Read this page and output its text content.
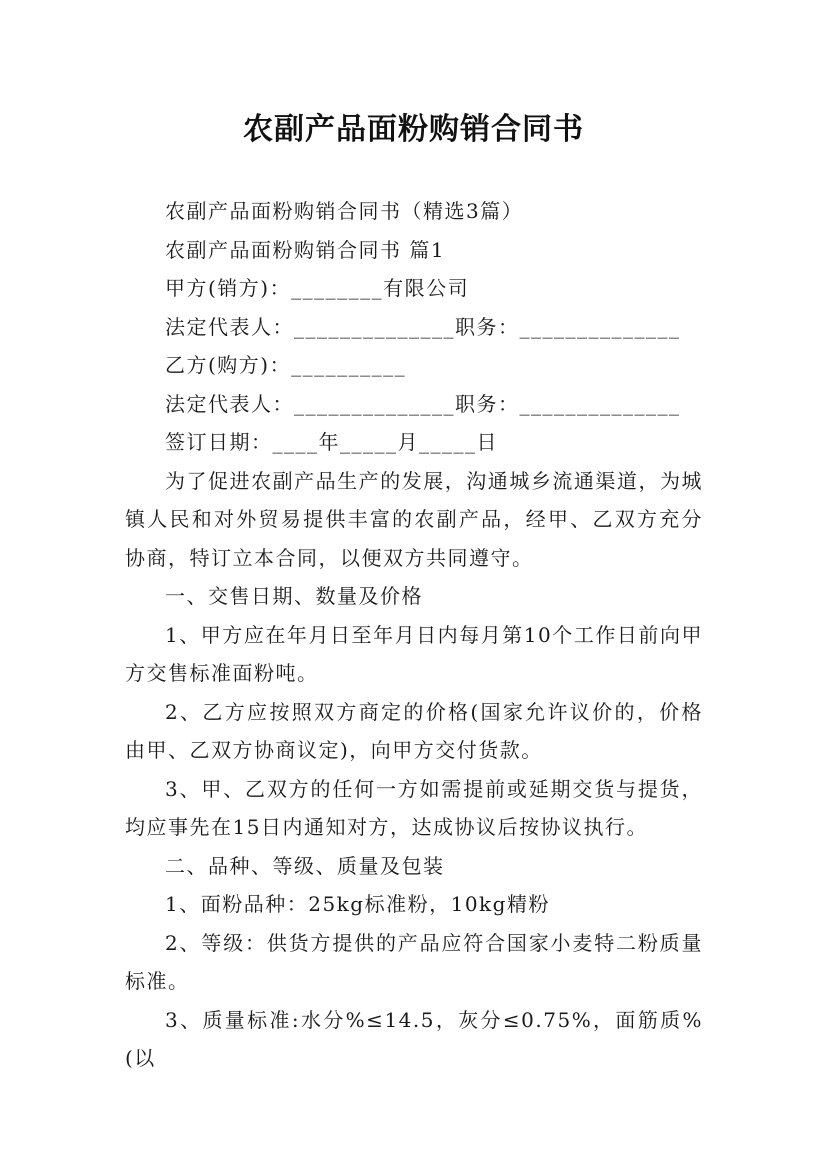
农副产品面粉购销合同书

农副产品面粉购销合同书（精选3篇）

农副产品面粉购销合同书 篇1

甲方(销方)：________有限公司

法定代表人：______________职务：______________

乙方(购方)：__________

法定代表人：______________职务：______________

签订日期：____年_____月_____日

为了促进农副产品生产的发展，沟通城乡流通渠道，为城镇人民和对外贸易提供丰富的农副产品，经甲、乙双方充分协商，特订立本合同，以便双方共同遵守。

一、交售日期、数量及价格

1、甲方应在年月日至年月日内每月第10个工作日前向甲方交售标准面粉吨。

2、乙方应按照双方商定的价格(国家允许议价的，价格由甲、乙双方协商议定)，向甲方交付货款。

3、甲、乙双方的任何一方如需提前或延期交货与提货，均应事先在15日内通知对方，达成协议后按协议执行。

二、品种、等级、质量及包装

1、面粉品种：25kg标准粉，10kg精粉

2、等级：供货方提供的产品应符合国家小麦特二粉质量标准。

3、质量标准:水分%≤14.5，灰分≤0.75%，面筋质%(以
